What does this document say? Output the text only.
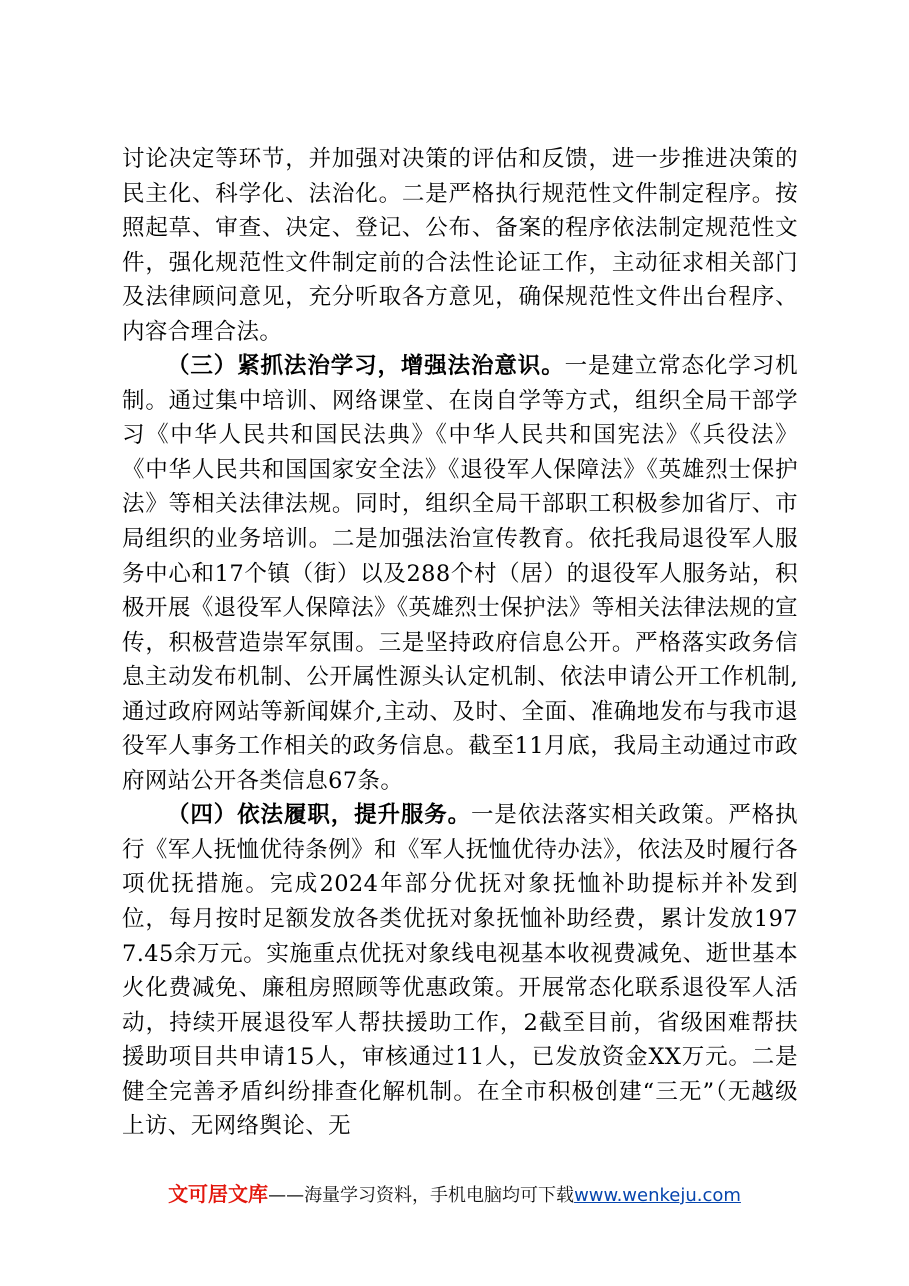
讨论决定等环节，并加强对决策的评估和反馈，进一步推进决策的民主化、科学化、法治化。二是严格执行规范性文件制定程序。按照起草、审查、决定、登记、公布、备案的程序依法制定规范性文件，强化规范性文件制定前的合法性论证工作，主动征求相关部门及法律顾问意见，充分听取各方意见，确保规范性文件出台程序、内容合理合法。

（三）紧抓法治学习，增强法治意识。一是建立常态化学习机制。通过集中培训、网络课堂、在岗自学等方式，组织全局干部学习《中华人民共和国民法典》《中华人民共和国宪法》《兵役法》《中华人民共和国国家安全法》《退役军人保障法》《英雄烈士保护法》等相关法律法规。同时，组织全局干部职工积极参加省厅、市局组织的业务培训。二是加强法治宣传教育。依托我局退役军人服务中心和17个镇（街）以及288个村（居）的退役军人服务站，积极开展《退役军人保障法》《英雄烈士保护法》等相关法律法规的宣传，积极营造崇军氛围。三是坚持政府信息公开。严格落实政务信息主动发布机制、公开属性源头认定机制、依法申请公开工作机制,通过政府网站等新闻媒介,主动、及时、全面、准确地发布与我市退役军人事务工作相关的政务信息。截至11月底，我局主动通过市政府网站公开各类信息67条。

（四）依法履职，提升服务。一是依法落实相关政策。严格执行《军人抚恤优待条例》和《军人抚恤优待办法》，依法及时履行各项优抚措施。完成2024年部分优抚对象抚恤补助提标并补发到位，每月按时足额发放各类优抚对象抚恤补助经费，累计发放1977.45余万元。实施重点优抚对象线电视基本收视费减免、逝世基本火化费减免、廉租房照顾等优惠政策。开展常态化联系退役军人活动，持续开展退役军人帮扶援助工作，2截至目前，省级困难帮扶援助项目共申请15人，审核通过11人，已发放资金XX万元。二是健全完善矛盾纠纷排查化解机制。在全市积极创建“三无”（无越级上访、无网络舆论、无

文可居文库——海量学习资料，手机电脑均可下载www.wenkeju.com
